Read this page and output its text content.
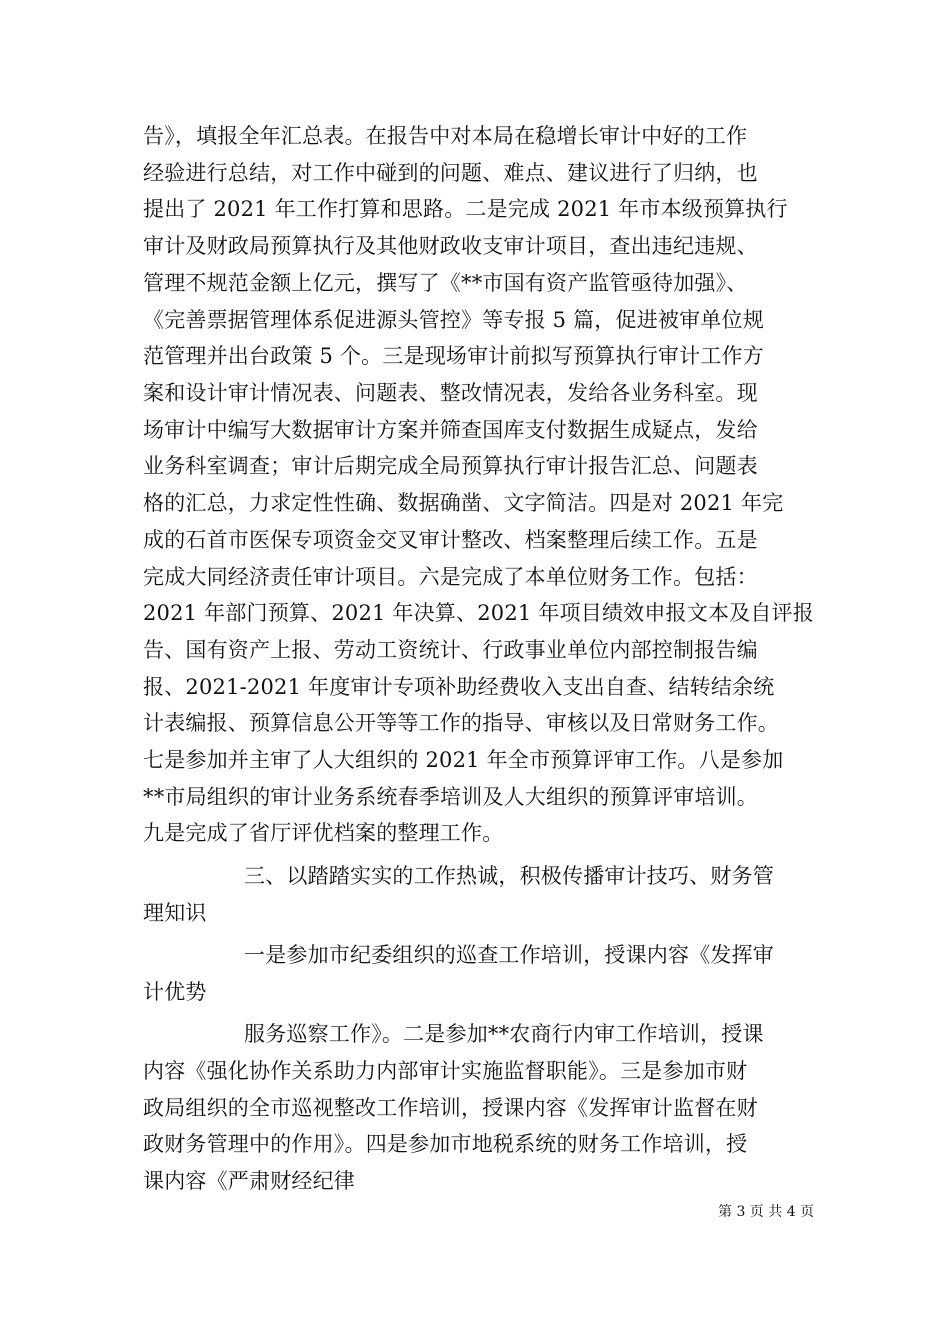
告》，填报全年汇总表。在报告中对本局在稳增长审计中好的工作
经验进行总结，对工作中碰到的问题、难点、建议进行了归纳，也
提出了 2021 年工作打算和思路。二是完成 2021 年市本级预算执行
审计及财政局预算执行及其他财政收支审计项目，查出违纪违规、
管理不规范金额上亿元，撰写了《**市国有资产监管亟待加强》、
《完善票据管理体系促进源头管控》等专报 5 篇，促进被审单位规
范管理并出台政策 5 个。三是现场审计前拟写预算执行审计工作方
案和设计审计情况表、问题表、整改情况表，发给各业务科室。现
场审计中编写大数据审计方案并筛查国库支付数据生成疑点，发给
业务科室调查；审计后期完成全局预算执行审计报告汇总、问题表
格的汇总，力求定性性确、数据确凿、文字简洁。四是对 2021 年完
成的石首市医保专项资金交叉审计整改、档案整理后续工作。五是
完成大同经济责任审计项目。六是完成了本单位财务工作。包括：
2021 年部门预算、2021 年决算、2021 年项目绩效申报文本及自评报
告、国有资产上报、劳动工资统计、行政事业单位内部控制报告编
报、2021-2021 年度审计专项补助经费收入支出自查、结转结余统
计表编报、预算信息公开等等工作的指导、审核以及日常财务工作。
七是参加并主审了人大组织的 2021 年全市预算评审工作。八是参加
**市局组织的审计业务系统春季培训及人大组织的预算评审培训。
九是完成了省厅评优档案的整理工作。
三、以踏踏实实的工作热诚，积极传播审计技巧、财务管
理知识
一是参加市纪委组织的巡查工作培训，授课内容《发挥审
计优势
服务巡察工作》。二是参加**农商行内审工作培训，授课
内容《强化协作关系助力内部审计实施监督职能》。三是参加市财
政局组织的全市巡视整改工作培训，授课内容《发挥审计监督在财
政财务管理中的作用》。四是参加市地税系统的财务工作培训，授
课内容《严肃财经纪律
第 3 页 共 4 页
